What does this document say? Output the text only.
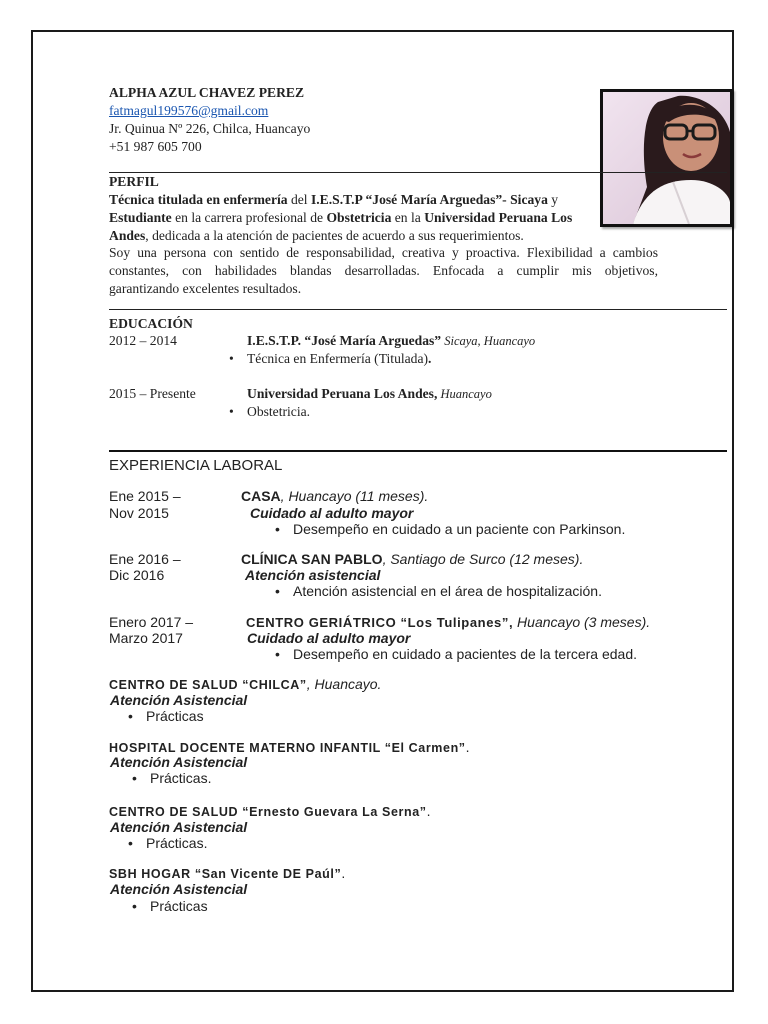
ALPHA AZUL CHAVEZ PEREZ
fatmagul199576@gmail.com
Jr. Quinua Nº 226, Chilca, Huancayo
+51 987 605 700
PERFIL
Técnica titulada en enfermería del I.E.S.T.P “José María Arguedas”- Sicaya y
Estudiante en la carrera profesional de Obstetricia en la Universidad Peruana Los
Andes, dedicada a la atención de pacientes de acuerdo a sus requerimientos.
Soy una persona con sentido de responsabilidad, creativa y proactiva. Flexibilidad a cambios
constantes, con habilidades blandas desarrolladas. Enfocada a cumplir mis objetivos,
garantizando excelentes resultados.
EDUCACIÓN
2012 – 2014	I.E.S.T.P. “José María Arguedas” Sicaya, Huancayo
• Técnica en Enfermería (Titulada).
2015 – Presente	Universidad Peruana Los Andes, Huancayo
• Obstetricia.
EXPERIENCIA LABORAL
Ene 2015 –
Nov 2015
CASA, Huancayo (11 meses).
Cuidado al adulto mayor
• Desempeño en cuidado a un paciente con Parkinson.
Ene 2016 –
Dic 2016
CLÍNICA SAN PABLO, Santiago de Surco (12 meses).
Atención asistencial
• Atención asistencial en el área de hospitalización.
Enero 2017 –
Marzo 2017
CENTRO GERIÁTRICO “Los Tulipanes”, Huancayo (3 meses).
Cuidado al adulto mayor
• Desempeño en cuidado a pacientes de la tercera edad.
CENTRO DE SALUD “CHILCA”, Huancayo.
Atención Asistencial
• Prácticas
HOSPITAL DOCENTE MATERNO INFANTIL “El Carmen”.
Atención Asistencial
• Prácticas.
CENTRO DE SALUD “Ernesto Guevara La Serna”.
Atención Asistencial
• Prácticas.
SBH HOGAR “San Vicente DE Paúl”.
Atención Asistencial
• Prácticas
